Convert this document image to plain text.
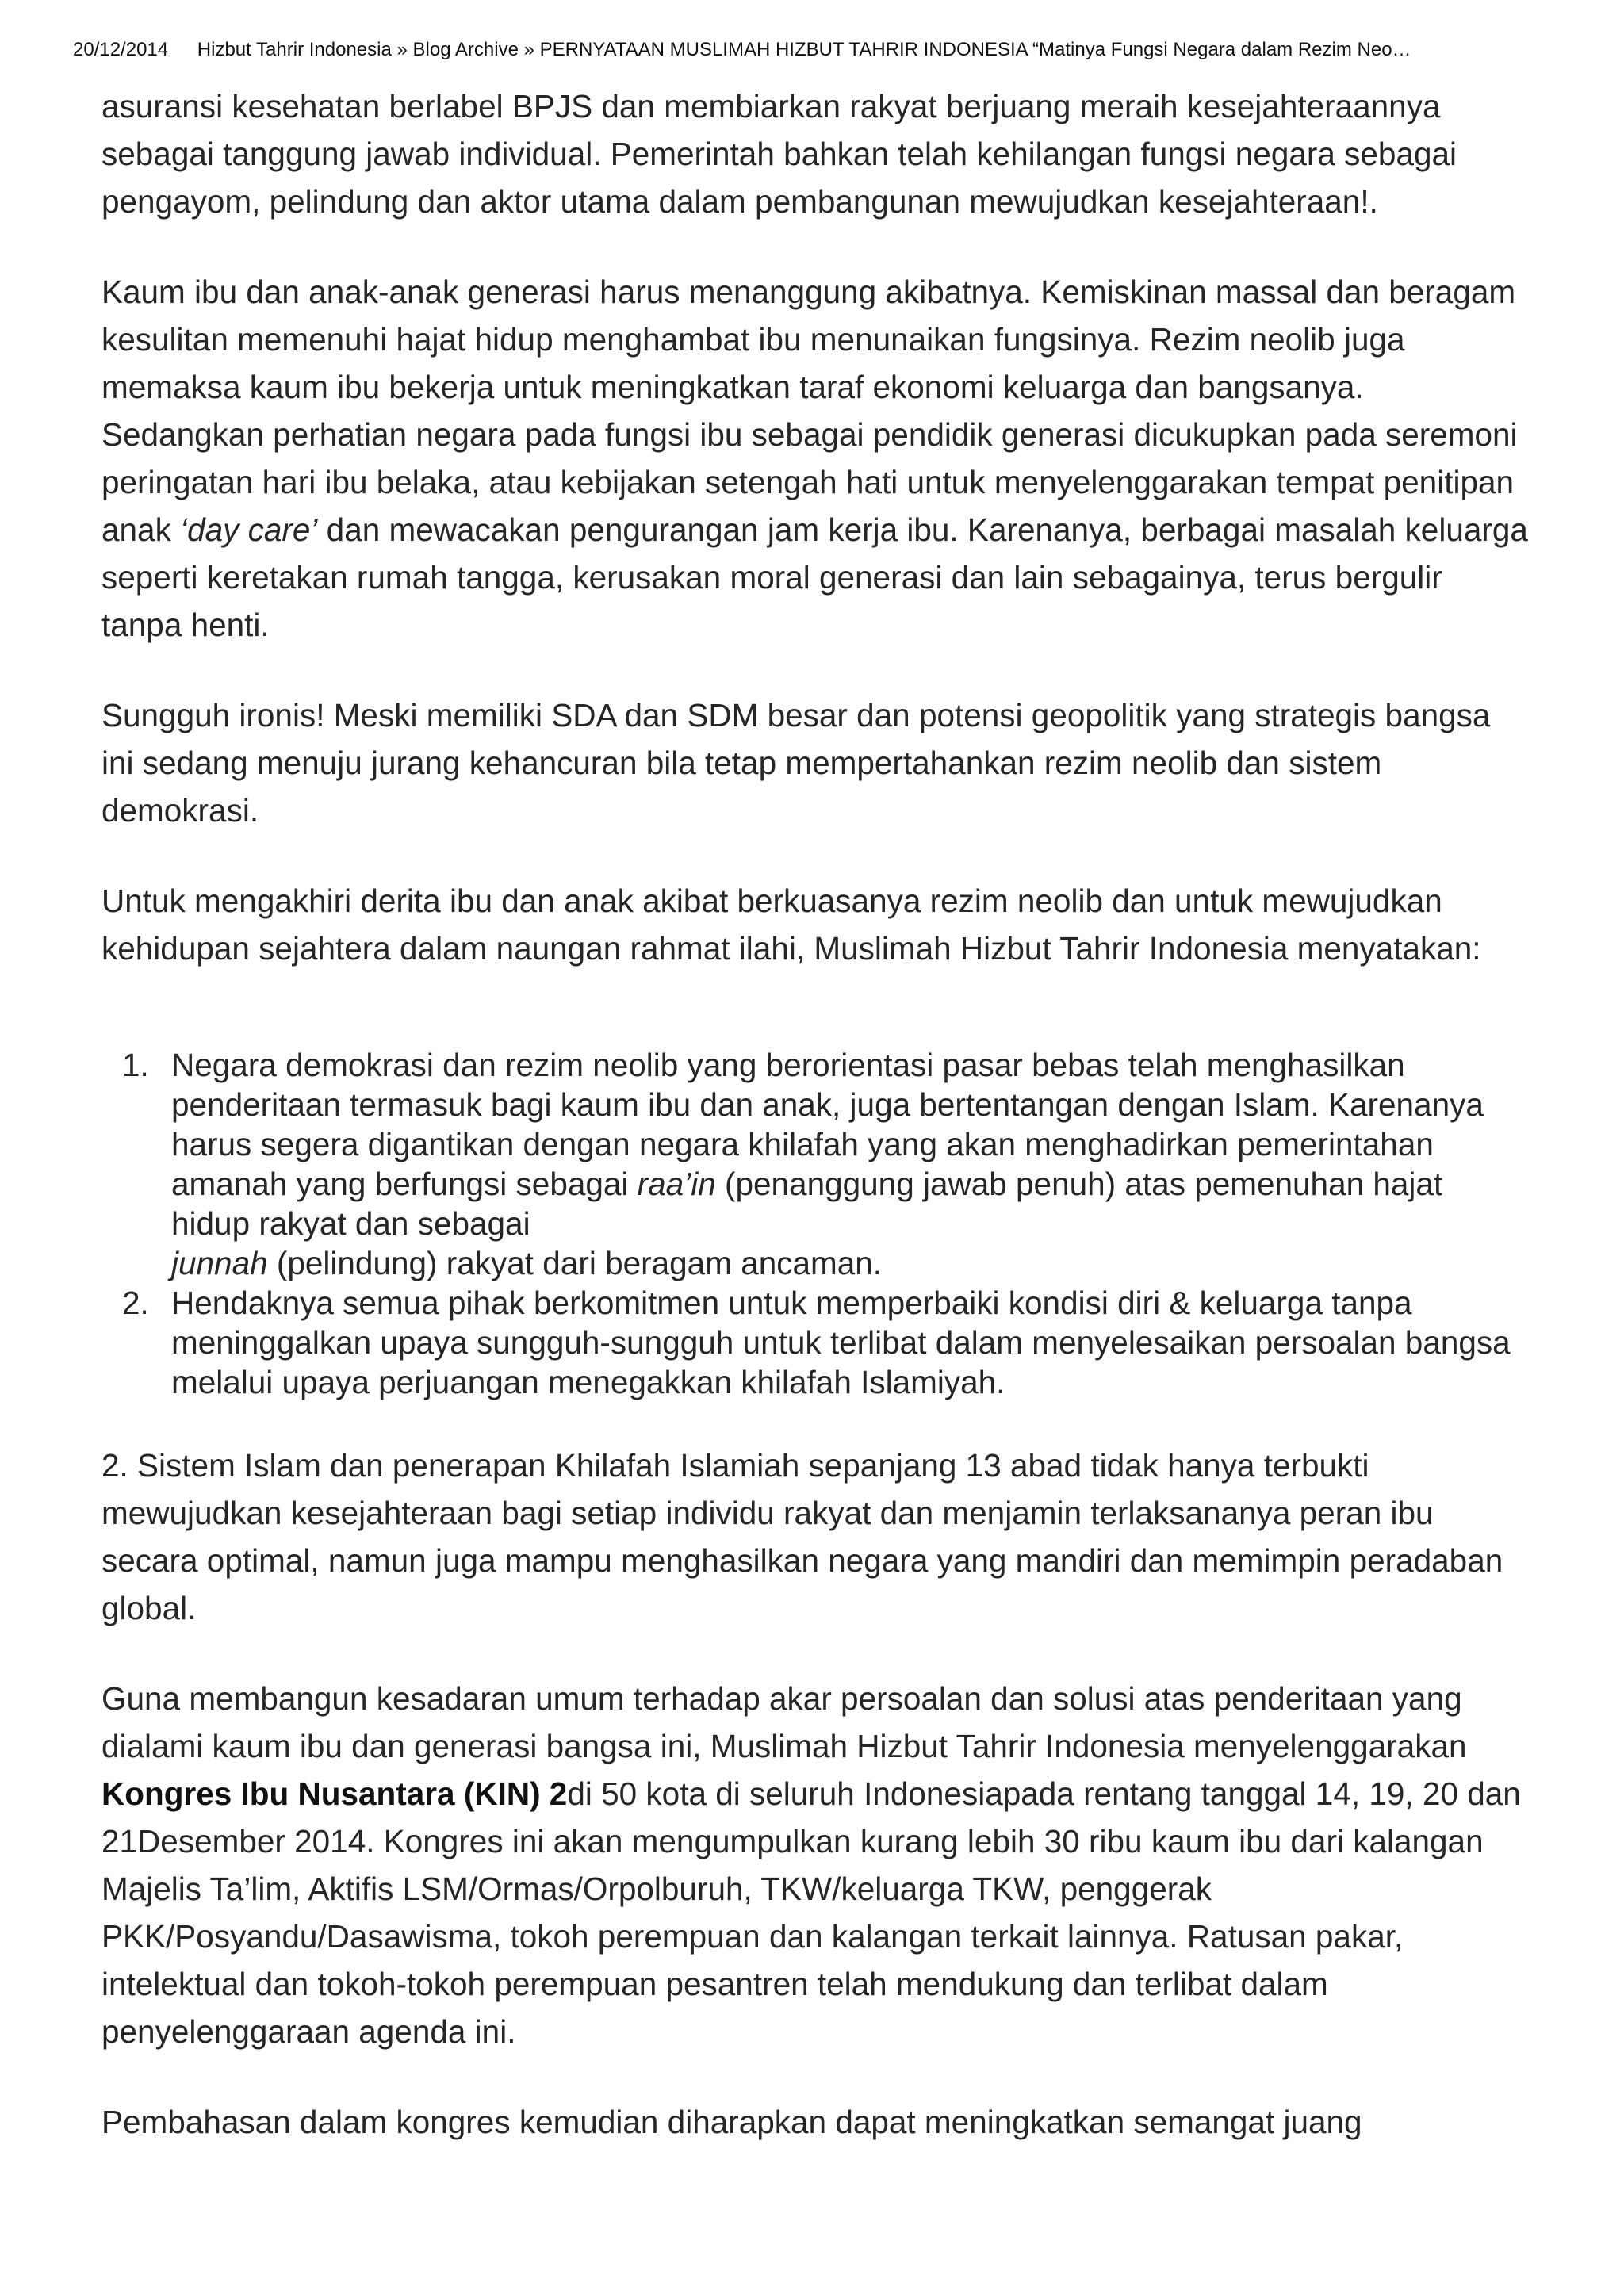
20/12/2014 Hizbut Tahrir Indonesia » Blog Archive » PERNYATAAN MUSLIMAH HIZBUT TAHRIR INDONESIA “Matinya Fungsi Negara dalam Rezim Neo…

asuransi kesehatan berlabel BPJS dan membiarkan rakyat berjuang meraih kesejahteraannya sebagai tanggung jawab individual. Pemerintah bahkan telah kehilangan fungsi negara sebagai pengayom, pelindung dan aktor utama dalam pembangunan mewujudkan kesejahteraan!.

Kaum ibu dan anak-anak generasi harus menanggung akibatnya. Kemiskinan massal dan beragam kesulitan memenuhi hajat hidup menghambat ibu menunaikan fungsinya. Rezim neolib juga memaksa kaum ibu bekerja untuk meningkatkan taraf ekonomi keluarga dan bangsanya. Sedangkan perhatian negara pada fungsi ibu sebagai pendidik generasi dicukupkan pada seremoni peringatan hari ibu belaka, atau kebijakan setengah hati untuk menyelenggarakan tempat penitipan anak ‘day care’ dan mewacakan pengurangan jam kerja ibu. Karenanya, berbagai masalah keluarga seperti keretakan rumah tangga, kerusakan moral generasi dan lain sebagainya, terus bergulir tanpa henti.

Sungguh ironis! Meski memiliki SDA dan SDM besar dan potensi geopolitik yang strategis bangsa ini sedang menuju jurang kehancuran bila tetap mempertahankan rezim neolib dan sistem demokrasi.

Untuk mengakhiri derita ibu dan anak akibat berkuasanya rezim neolib dan untuk mewujudkan kehidupan sejahtera dalam naungan rahmat ilahi, Muslimah Hizbut Tahrir Indonesia menyatakan:

1. Negara demokrasi dan rezim neolib yang berorientasi pasar bebas telah menghasilkan penderitaan termasuk bagi kaum ibu dan anak, juga bertentangan dengan Islam. Karenanya harus segera digantikan dengan negara khilafah yang akan menghadirkan pemerintahan amanah yang berfungsi sebagai raa’in (penanggung jawab penuh) atas pemenuhan hajat hidup rakyat dan sebagai
junnah (pelindung) rakyat dari beragam ancaman.
2. Hendaknya semua pihak berkomitmen untuk memperbaiki kondisi diri & keluarga tanpa meninggalkan upaya sungguh-sungguh untuk terlibat dalam menyelesaikan persoalan bangsa melalui upaya perjuangan menegakkan khilafah Islamiyah.

2. Sistem Islam dan penerapan Khilafah Islamiah sepanjang 13 abad tidak hanya terbukti mewujudkan kesejahteraan bagi setiap individu rakyat dan menjamin terlaksananya peran ibu secara optimal, namun juga mampu menghasilkan negara yang mandiri dan memimpin peradaban global.

Guna membangun kesadaran umum terhadap akar persoalan dan solusi atas penderitaan yang dialami kaum ibu dan generasi bangsa ini, Muslimah Hizbut Tahrir Indonesia menyelenggarakan Kongres Ibu Nusantara (KIN) 2di 50 kota di seluruh Indonesiapada rentang tanggal 14, 19, 20 dan 21Desember 2014. Kongres ini akan mengumpulkan kurang lebih 30 ribu kaum ibu dari kalangan Majelis Ta’lim, Aktifis LSM/Ormas/Orpolburuh, TKW/keluarga TKW, penggerak PKK/Posyandu/Dasawisma, tokoh perempuan dan kalangan terkait lainnya. Ratusan pakar, intelektual dan tokoh-tokoh perempuan pesantren telah mendukung dan terlibat dalam penyelenggaraan agenda ini.

Pembahasan dalam kongres kemudian diharapkan dapat meningkatkan semangat juang
